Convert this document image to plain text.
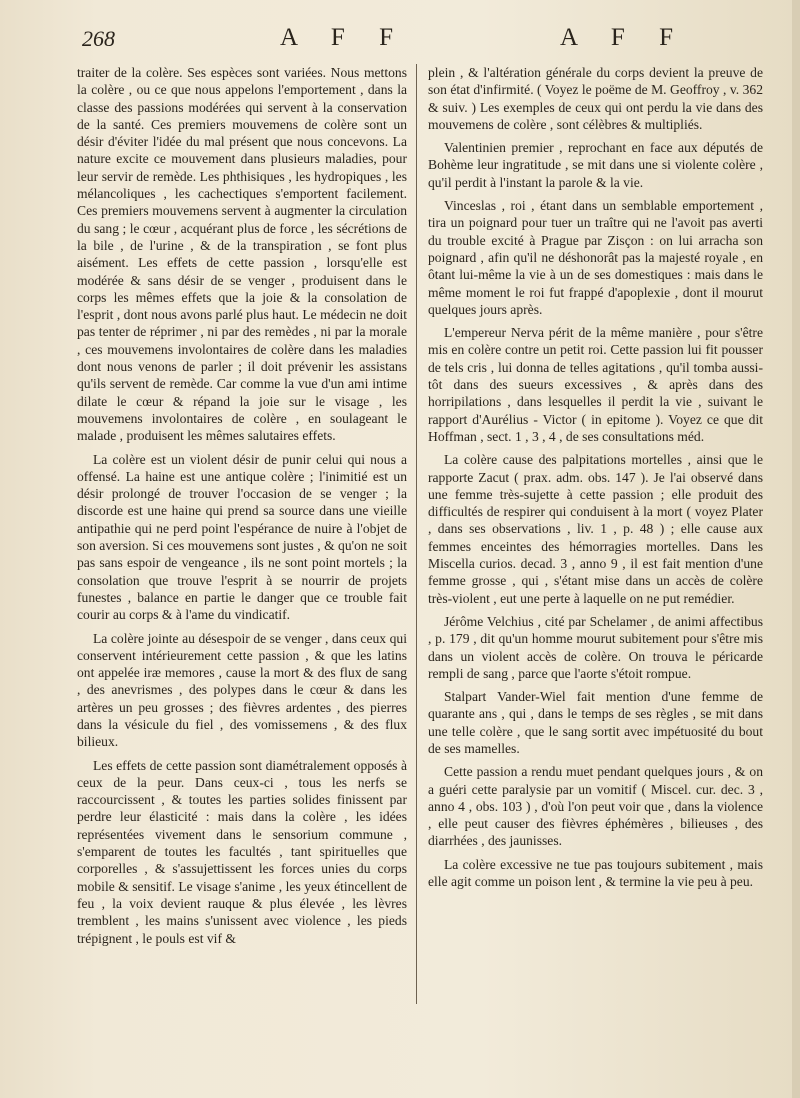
268	A F F	A F F

traiter de la colère. Ses espèces sont variées. Nous mettons la colère , ou ce que nous appelons l'emportement , dans la classe des passions modérées qui servent à la conservation de la santé. Ces premiers mouvemens de colère sont un désir d'éviter l'idée du mal présent que nous concevons. La nature excite ce mouvement dans plusieurs maladies, pour leur servir de remède. Les phthisiques , les hydropiques , les mélancoliques , les cachectiques s'emportent facilement. Ces premiers mouvemens servent à augmenter la circulation du sang ; le cœur , acquérant plus de force , les sécrétions de la bile , de l'urine , & de la transpiration , se font plus aisément. Les effets de cette passion , lorsqu'elle est modérée & sans désir de se venger , produisent dans le corps les mêmes effets que la joie & la consolation de l'esprit , dont nous avons parlé plus haut. Le médecin ne doit pas tenter de réprimer , ni par des remèdes , ni par la morale , ces mouvemens involontaires de colère dans les maladies dont nous venons de parler ; il doit prévenir les assistans qu'ils servent de remède. Car comme la vue d'un ami intime dilate le cœur & répand la joie sur le visage , les mouvemens involontaires de colère , en soulageant le malade , produisent les mêmes salutaires effets.

La colère est un violent désir de punir celui qui nous a offensé. La haine est une antique colère ; l'inimitié est un désir prolongé de trouver l'occasion de se venger ; la discorde est une haine qui prend sa source dans une vieille antipathie qui ne perd point l'espérance de nuire à l'objet de son aversion. Si ces mouvemens sont justes , & qu'on ne soit pas sans espoir de vengeance , ils ne sont point mortels ; la consolation que trouve l'esprit à se nourrir de projets funestes , balance en partie le danger que ce trouble fait courir au corps & à l'ame du vindicatif.

La colère jointe au désespoir de se venger , dans ceux qui conservent intérieurement cette passion , & que les latins ont appelée iræ memores , cause la mort & des flux de sang , des anevrismes , des polypes dans le cœur & dans les artères un peu grosses ; des fièvres ardentes , des pierres dans la vésicule du fiel , des vomissemens , & des flux bilieux.

Les effets de cette passion sont diamétralement opposés à ceux de la peur. Dans ceux-ci , tous les nerfs se raccourcissent , & toutes les parties solides finissent par perdre leur élasticité : mais dans la colère , les idées représentées vivement dans le sensorium commune , s'emparent de toutes les facultés , tant spirituelles que corporelles , & s'assujettissent les forces unies du corps mobile & sensitif. Le visage s'anime , les yeux étincellent de feu , la voix devient rauque & plus élevée , les lèvres tremblent , les mains s'unissent avec violence , les pieds trépignent , le pouls est vif &

plein , & l'altération générale du corps devient la preuve de son état d'infirmité. ( Voyez le poëme de M. Geoffroy , v. 362 & suiv. ) Les exemples de ceux qui ont perdu la vie dans des mouvemens de colère , sont célèbres & multipliés.

Valentinien premier , reprochant en face aux députés de Bohème leur ingratitude , se mit dans une si violente colère , qu'il perdit à l'instant la parole & la vie.

Vinceslas , roi , étant dans un semblable emportement , tira un poignard pour tuer un traître qui ne l'avoit pas averti du trouble excité à Prague par Zisçon : on lui arracha son poignard , afin qu'il ne déshonorât pas la majesté royale , en ôtant lui-même la vie à un de ses domestiques : mais dans le même moment le roi fut frappé d'apoplexie , dont il mourut quelques jours après.

L'empereur Nerva périt de la même manière , pour s'être mis en colère contre un petit roi. Cette passion lui fit pousser de tels cris , lui donna de telles agitations , qu'il tomba aussi-tôt dans des sueurs excessives , & après dans des horripilations , dans lesquelles il perdit la vie , suivant le rapport d'Aurélius - Victor ( in epitome ). Voyez ce que dit Hoffman , sect. 1 , 3 , 4 , de ses consultations méd.

La colère cause des palpitations mortelles , ainsi que le rapporte Zacut ( prax. adm. obs. 147 ). Je l'ai observé dans une femme très-sujette à cette passion ; elle produit des difficultés de respirer qui conduisent à la mort ( voyez Plater , dans ses observations , liv. 1 , p. 48 ) ; elle cause aux femmes enceintes des hémorragies mortelles. Dans les Miscella curios. decad. 3 , anno 9 , il est fait mention d'une femme grosse , qui , s'étant mise dans un accès de colère très-violent , eut une perte à laquelle on ne put remédier.

Jérôme Velchius , cité par Schelamer , de animi affectibus , p. 179 , dit qu'un homme mourut subitement pour s'être mis dans un violent accès de colère. On trouva le péricarde rempli de sang , parce que l'aorte s'étoit rompue.

Stalpart Vander-Wiel fait mention d'une femme de quarante ans , qui , dans le temps de ses règles , se mit dans une telle colère , que le sang sortit avec impétuosité du bout de ses mamelles.

Cette passion a rendu muet pendant quelques jours , & on a guéri cette paralysie par un vomitif ( Miscel. cur. dec. 3 , anno 4 , obs. 103 ) , d'où l'on peut voir que , dans la violence , elle peut causer des fièvres éphémères , bilieuses , des diarrhées , des jaunisses.

La colère excessive ne tue pas toujours subitement , mais elle agit comme un poison lent , & termine la vie peu à peu.
